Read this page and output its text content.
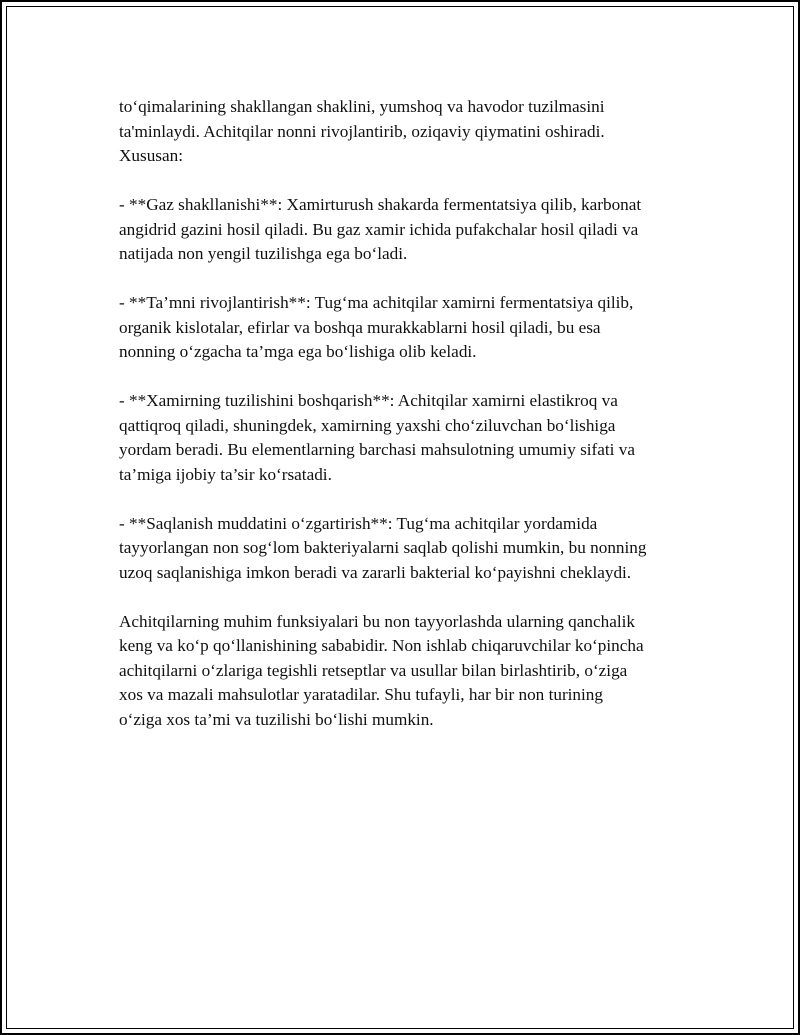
to‘qimalarining shakllangan shaklini, yumshoq va havodor tuzilmasini
ta'minlaydi. Achitqilar nonni rivojlantirib, oziqaviy qiymatini oshiradi.
Xususan:

- **Gaz shakllanishi**: Xamirturush shakarda fermentatsiya qilib, karbonat
angidrid gazini hosil qiladi. Bu gaz xamir ichida pufakchalar hosil qiladi va
natijada non yengil tuzilishga ega bo‘ladi.

- **Ta’mni rivojlantirish**: Tug‘ma achitqilar xamirni fermentatsiya qilib,
organik kislotalar, efirlar va boshqa murakkablarni hosil qiladi, bu esa
nonning o‘zgacha ta’mga ega bo‘lishiga olib keladi.

- **Xamirning tuzilishini boshqarish**: Achitqilar xamirni elastikroq va
qattiqroq qiladi, shuningdek, xamirning yaxshi cho‘ziluvchan bo‘lishiga
yordam beradi. Bu elementlarning barchasi mahsulotning umumiy sifati va
ta’miga ijobiy ta’sir ko‘rsatadi.

- **Saqlanish muddatini o‘zgartirish**: Tug‘ma achitqilar yordamida
tayyorlangan non sog‘lom bakteriyalarni saqlab qolishi mumkin, bu nonning
uzoq saqlanishiga imkon beradi va zararli bakterial ko‘payishni cheklaydi.

Achitqilarning muhim funksiyalari bu non tayyorlashda ularning qanchalik
keng va ko‘p qo‘llanishining sababidir. Non ishlab chiqaruvchilar ko‘pincha
achitqilarni o‘zlariga tegishli retseptlar va usullar bilan birlashtirib, o‘ziga
xos va mazali mahsulotlar yaratadilar. Shu tufayli, har bir non turining
o‘ziga xos ta’mi va tuzilishi bo‘lishi mumkin.
